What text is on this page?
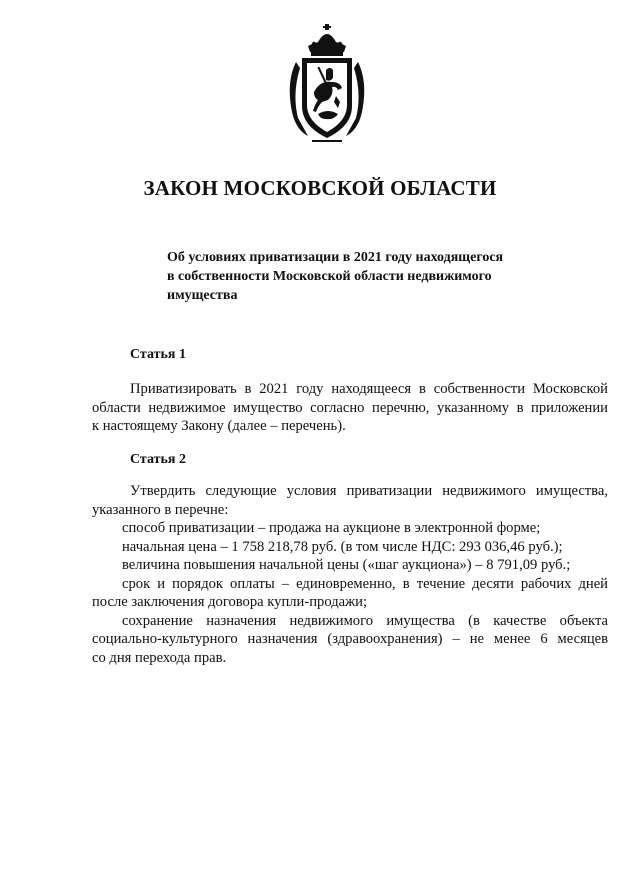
ЗАКОН МОСКОВСКОЙ ОБЛАСТИ
Об условиях приватизации в 2021 году находящегося
в собственности Московской области недвижимого
имущества
Статья 1
Приватизировать в 2021 году находящееся в собственности Московской
области недвижимое имущество согласно перечню, указанному в приложении
к настоящему Закону (далее – перечень).
Статья 2
Утвердить следующие условия приватизации недвижимого имущества,
указанного в перечне:
способ приватизации – продажа на аукционе в электронной форме;
начальная цена – 1 758 218,78 руб. (в том числе НДС: 293 036,46 руб.);
величина повышения начальной цены («шаг аукциона») – 8 791,09 руб.;
срок и порядок оплаты – единовременно, в течение десяти рабочих дней
после заключения договора купли-продажи;
сохранение назначения недвижимого имущества (в качестве объекта
социально-культурного назначения (здравоохранения) – не менее 6 месяцев
со дня перехода прав.
